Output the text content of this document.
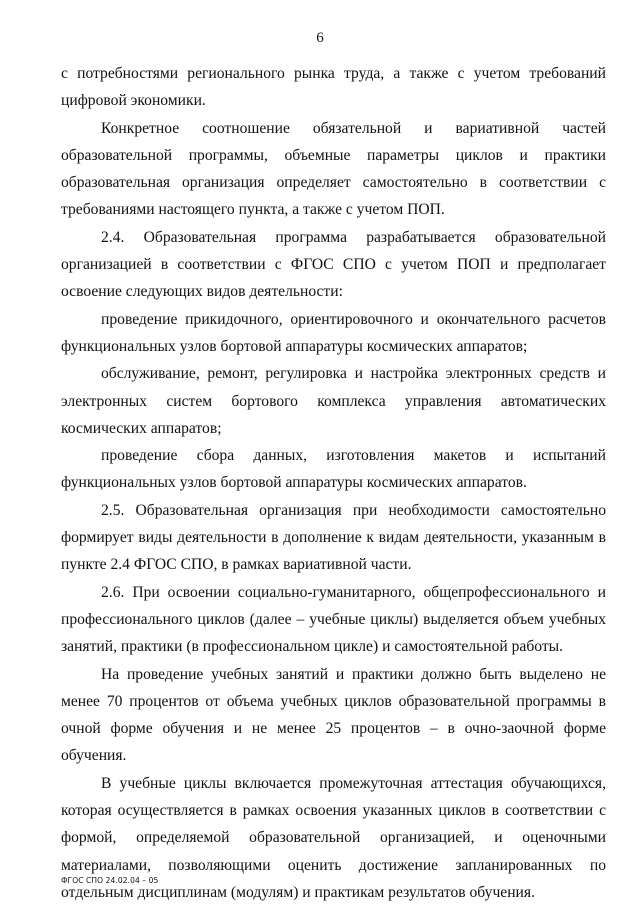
6

с потребностями регионального рынка труда, а также с учетом требований цифровой экономики.

Конкретное соотношение обязательной и вариативной частей образовательной программы, объемные параметры циклов и практики образовательная организация определяет самостоятельно в соответствии с требованиями настоящего пункта, а также с учетом ПОП.

2.4. Образовательная программа разрабатывается образовательной организацией в соответствии с ФГОС СПО с учетом ПОП и предполагает освоение следующих видов деятельности:

проведение прикидочного, ориентировочного и окончательного расчетов функциональных узлов бортовой аппаратуры космических аппаратов;

обслуживание, ремонт, регулировка и настройка электронных средств и электронных систем бортового комплекса управления автоматических космических аппаратов;

проведение сбора данных, изготовления макетов и испытаний функциональных узлов бортовой аппаратуры космических аппаратов.

2.5. Образовательная организация при необходимости самостоятельно формирует виды деятельности в дополнение к видам деятельности, указанным в пункте 2.4 ФГОС СПО, в рамках вариативной части.

2.6. При освоении социально-гуманитарного, общепрофессионального и профессионального циклов (далее – учебные циклы) выделяется объем учебных занятий, практики (в профессиональном цикле) и самостоятельной работы.

На проведение учебных занятий и практики должно быть выделено не менее 70 процентов от объема учебных циклов образовательной программы в очной форме обучения и не менее 25 процентов – в очно-заочной форме обучения.

В учебные циклы включается промежуточная аттестация обучающихся, которая осуществляется в рамках освоения указанных циклов в соответствии с формой, определяемой образовательной организацией, и оценочными материалами, позволяющими оценить достижение запланированных по отдельным дисциплинам (модулям) и практикам результатов обучения.

ФГОС СПО 24.02.04 – 05
